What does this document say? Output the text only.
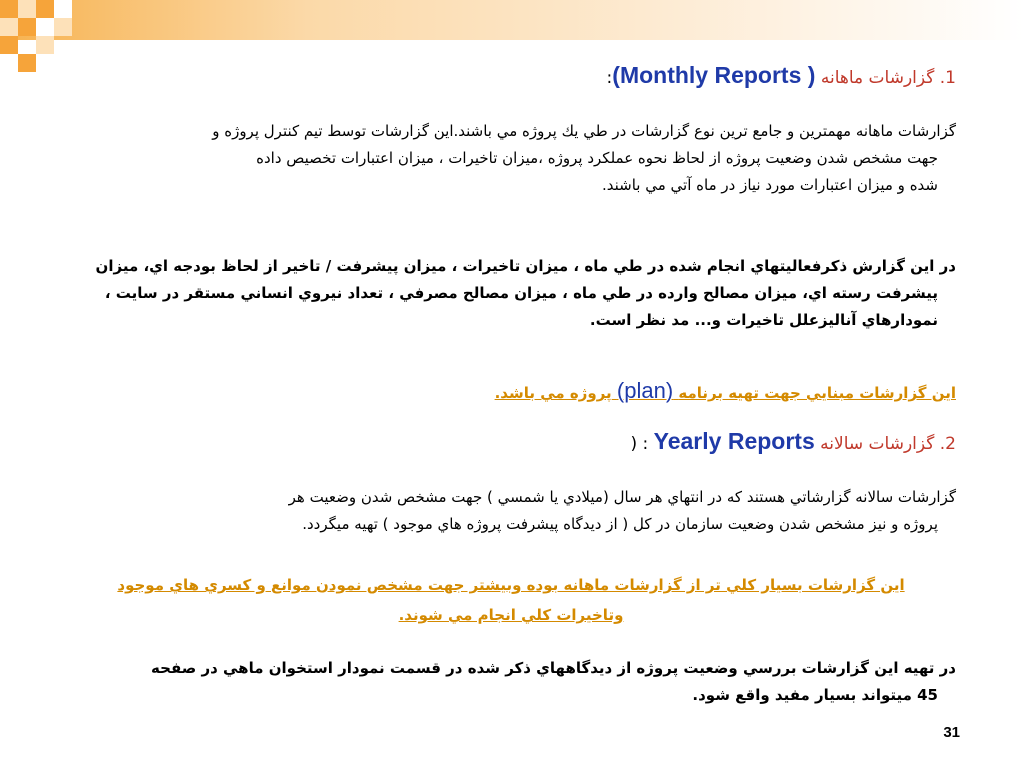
1. گزارشات ماهانه (Monthly Reports ):

گزارشات ماهانه مهمترين و جامع ترين نوع گزارشات در طي يك پروژه مي باشند.اين گزارشات توسط تيم كنترل پروژه و
جهت مشخص شدن وضعيت پروژه از لحاظ نحوه عملكرد پروژه ،ميزان تاخيرات ، ميزان اعتبارات تخصيص داده
شده و ميزان اعتبارات مورد نياز در ماه آتي مي باشند.

در اين گزارش ذكرفعاليتهاي انجام شده در طي ماه ، ميزان تاخيرات ، ميزان پيشرفت / تاخير از لحاظ بودجه اي، ميزان
پيشرفت رسته اي، ميزان مصالح وارده در طي ماه ، ميزان مصالح مصرفي ، تعداد نيروي انساني مستقر در سايت ،
نمودارهاي آناليزعلل تاخيرات و... مد نظر است.

اين گزارشات مبنايي جهت تهيه برنامه (plan) پروژه مي باشد.

2. گزارشات سالانه Yearly Reports : (

گزارشات سالانه گزارشاتي هستند كه در انتهاي هر سال (ميلادي يا شمسي ) جهت مشخص شدن وضعيت هر
پروژه و نيز مشخص شدن وضعيت سازمان در كل ( از ديدگاه پيشرفت پروژه هاي موجود ) تهيه ميگردد.

اين گزارشات بسيار كلي تر از گزارشات ماهانه بوده وبيشتر جهت مشخص نمودن موانع و كسري هاي موجود
وتاخيرات كلي انجام مي شوند.

در تهيه اين گزارشات بررسي وضعيت پروژه از ديدگاههاي ذكر شده در قسمت نمودار استخوان ماهي در صفحه
45 ميتواند بسيار مفيد واقع شود.

31
